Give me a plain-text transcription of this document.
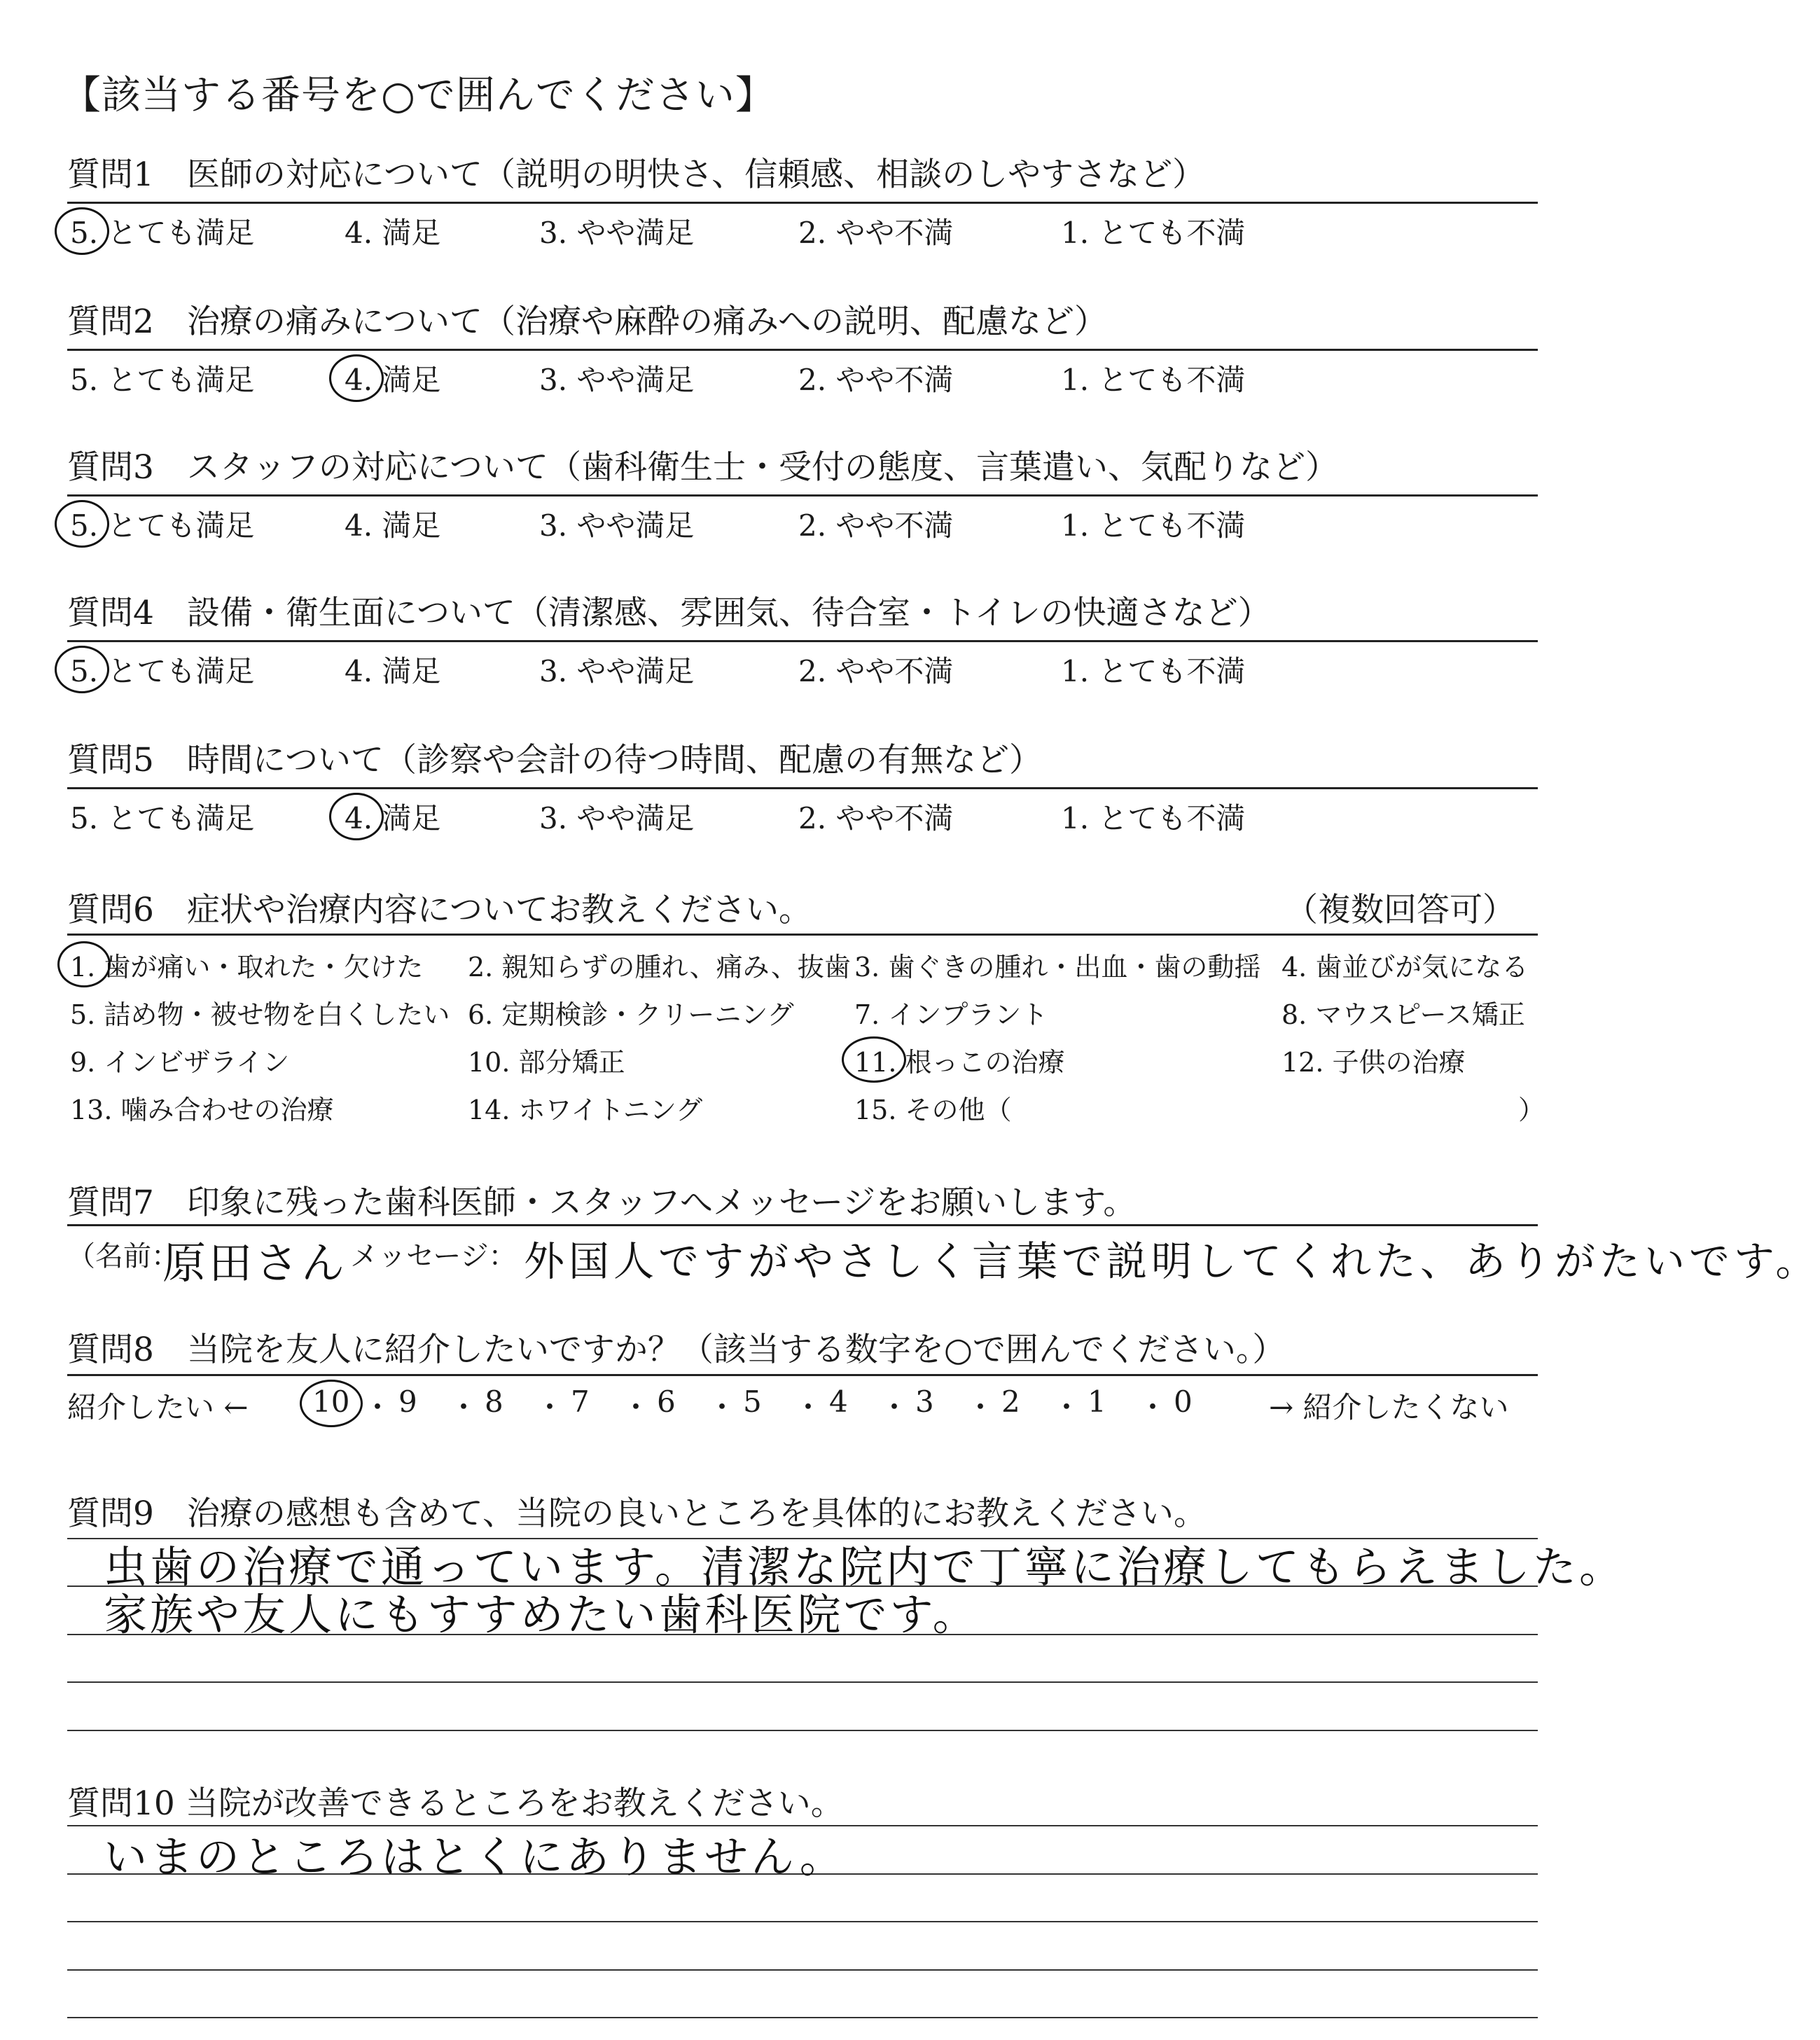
【該当する番号を○で囲んでください】
質問1　医師の対応について（説明の明快さ、信頼感、相談のしやすさなど）
5. とても満足	4. 満足	3. やや満足	2. やや不満	1. とても不満
質問2　治療の痛みについて（治療や麻酔の痛みへの説明、配慮など）
5. とても満足	4. 満足	3. やや満足	2. やや不満	1. とても不満
質問3　スタッフの対応について（歯科衛生士・受付の態度、言葉遣い、気配りなど）
5. とても満足	4. 満足	3. やや満足	2. やや不満	1. とても不満
質問4　設備・衛生面について（清潔感、雰囲気、待合室・トイレの快適さなど）
5. とても満足	4. 満足	3. やや満足	2. やや不満	1. とても不満
質問5　時間について（診察や会計の待つ時間、配慮の有無など）
5. とても満足	4. 満足	3. やや満足	2. やや不満	1. とても不満
質問6　症状や治療内容についてお教えください。	（複数回答可）
1. 歯が痛い・取れた・欠けた 2. 親知らずの腫れ、痛み、抜歯 3. 歯ぐきの腫れ・出血・歯の動揺 4. 歯並びが気になる
5. 詰め物・被せ物を白くしたい 6. 定期検診・クリーニング 7. インプラント	8. マウスピース矯正
9. インビザライン	10. 部分矯正	11. 根っこの治療	12. 子供の治療
13. 噛み合わせの治療	14. ホワイトニング	15. その他（	）
質問7　印象に残った歯科医師・スタッフへメッセージをお願いします。
（名前：
原田さん メッセージ： 外国人ですがやさしく言葉で説明してくれた、ありがたいです。
質問8　当院を友人に紹介したいですか？（該当する数字を○で囲んでください。）
紹介したい ←	→ 紹介したくない
10 ・ 9 ・ 8 ・ 7 ・ 6 ・ 5 ・ 4 ・ 3 ・ 2 ・ 1 ・ 0
質問9　治療の感想も含めて、当院の良いところを具体的にお教えください。
虫歯の治療で通っています。清潔な院内で丁寧に治療してもらえました。
家族や友人にもすすめたい歯科医院です。
質問10 当院が改善できるところをお教えください。
いまのところはとくにありません。
